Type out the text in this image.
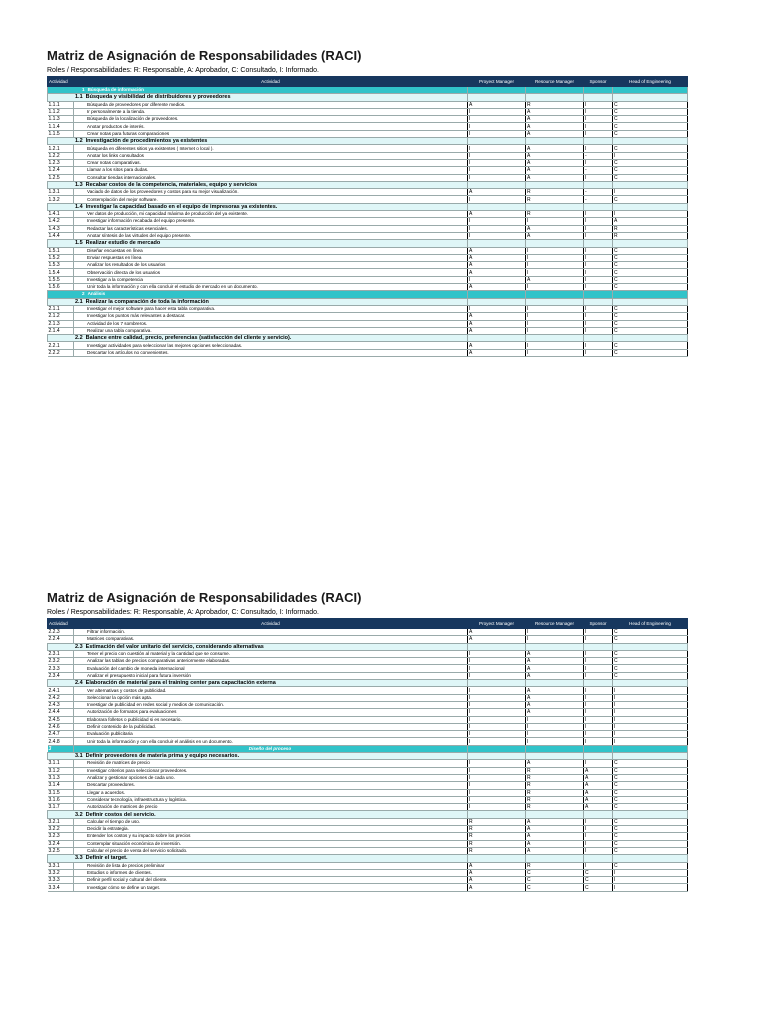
Matriz de Asignación de Responsabilidades (RACI)
Roles / Responsabilidades: R: Responsable, A: Aprobador, C: Consultado, I: Informado.
Actividad	Actividad	Proyect Manager	Resource Manager	Sponsor	Head of Engineering
1 Búsqueda de información					
1.1 Búsqueda y visibilidad de distribuidores y proveedores					
1.1.1	Búsqueda de proveedores por diferente medios.	A	R	I	C
1.1.2	Ir personalmente a la tienda.	I	A	I	C
1.1.3	Búsqueda de la localización de proveedores.	I	A	I	C
1.1.4	Anotar productos de interés.	I	A	I	C
1.1.5	Crear notas para futuras comparaciones	I	A	I	C
1.2 Investigación de procedimientos ya existentes					
1.2.1	Búsqueda en diferentes sitios ya existentes ( Internet o local ).	I	A	I	C
1.2.2	Anotar los links consultados	I	A	-	I
1.2.3	Crear notas comparativas.	I	A	I	C
1.2.4	Llamar a los sitos para dudas.	I	A	-	C
1.2.5	Consultar tiendas internacionales.	I	A	I	C
1.3 Recabar costos de la competencia, materiales, equipo y servicios					
1.3.1	Vaciado de datos de los proveedores y costos para su mejor visualización.	A	R	-	I
1.3.2	Contemplación del mejor software.	I	R	-	C
1.4 Investigar la capacidad basado en el equipo de impresoras ya existentes.					
1.4.1	Ver datos de producción, mi capacidad máxima de producción del ya existente.	A	R	I	I
1.4.2	Investigar información recabada del equipo presente.	I	I	I	A
1.4.3	Redactar las características esenciales.	I	A	I	R
1.4.4	Anotar síntesis de las virtudes del equipo presente.	I	A	I	R
1.5 Realizar estudio de mercado					
1.5.1	Diseñar encuestas en línea	A	I	I	C
1.5.2	Enviar respuestas en línea	A	I	I	C
1.5.3	Analizar los resultados de los usuarios	A	I	I	C
1.5.4	Observación directa de los usuarios	A	I	I	C
1.5.5	Investigar a la competencia	I	A	I	C
1.5.6	Unir toda la información y con ella concluir el estudio de mercado en un documento.	A	I	I	C
2 Análisis					
2.1 Realizar la comparación de toda la información					
2.1.1	Investigar el mejor software para hacer esta tabla comparativa.	I	I	I	C
2.1.2	Investigar los puntos más relevantes a destacar.	A	I	I	C
2.1.3	Actividad de los 7 sombreros.	A	I	I	C
2.1.4	Realizar una tabla comparativa.	A	I	I	C
2.2 Balance entre calidad, precio, preferencias (satisfacción del cliente y servicio).					
2.2.1	Investigar actividades para seleccionar las mejores opciones seleccionadas.	A	I	I	C
2.2.2	Descartar los artículos no convenientes.	A	I	I	C
Matriz de Asignación de Responsabilidades (RACI)
Roles / Responsabilidades: R: Responsable, A: Aprobador, C: Consultado, I: Informado.
Actividad	Actividad	Proyect Manager	Resource Manager	Sponsor	Head of Engineering
2.2.3	Filtrar información.	A	I	I	C
2.2.4	Matrices comparativas.	A	I	I	C
2.3 Estimación del valor unitario del servicio, considerando alternativas					
2.3.1	Tener el precio con cuestión al material y la cantidad que se consume.	I	A	I	C
2.3.2	Analizar las tablas de precios comparativas anteriormente elaboradas.	I	A	I	C
2.3.3	Evaluación del cambio de moneda internacional	I	A	I	C
2.3.4	Analizar el presupuesto inicial para futura inversión	I	A	I	C
2.4 Elaboración de material para el training center para capacitación externa					
2.4.1	Ver alternativas y costos de publicidad.	I	A	I	I
2.4.2	Seleccionar la opción más apta.	I	A	I	I
2.4.3	Investigar de publicidad en redes social y medios de comunicación.	I	A	I	I
2.4.4	Autorización de formatos para evaluaciones	I	A	I	I
2.4.5	Elaborara folletos o publicidad si es necesario.	I	I	I	I
2.4.6	Definir contenido de la publicidad.	I	I	I	I
2.4.7	Evaluación publicitaria	I	I	I	I
2.4.8	Unir toda la información y con ella concluir el análisis en un documento.	I	I	I	I
3	Diseño del proceso				
3.1 Definir proveedores de materia prima y equipo necesarios.					
3.1.1	Revisión de matrices de precio	I	A	I	C
3.1.2	Investigar criterios para seleccionar proveedores.	I	R	A	C
3.1.3	Analizar y gestionar opciones de cada uno.	I	R	A	C
3.1.4	Descartar proveedores.	I	R	A	C
3.1.5	Llegar a acuerdos.	I	R	A	C
3.1.6	Considerar tecnología, infraestructura y logística.	I	R	A	C
3.1.7	Autorización de matrices de precio	I	R	A	C
3.2 Definir costos del servicio.					
3.2.1	Calcular el tiempo de uso.	R	A	I	C
3.2.2	Decidir la estrategia.	R	A	I	C
3.2.3	Entender los costos y su impacto sobre los precios	R	A	I	C
3.2.4	Contemplar situación económica de inversión.	R	A	I	C
3.2.5	Calcular el precio de venta del servicio solicitado.	R	A	I	C
3.3 Definir el target.					
3.3.1	Revisión de lista de precios preliminar	A	R	I	C
3.3.2	Estudios o informes de clientes.	A	C	C	I
3.3.3	Definir perfil social y cultural del cliente.	A	C	C	I
3.3.4	Investigar cómo se define un target.	A	C	C	I
